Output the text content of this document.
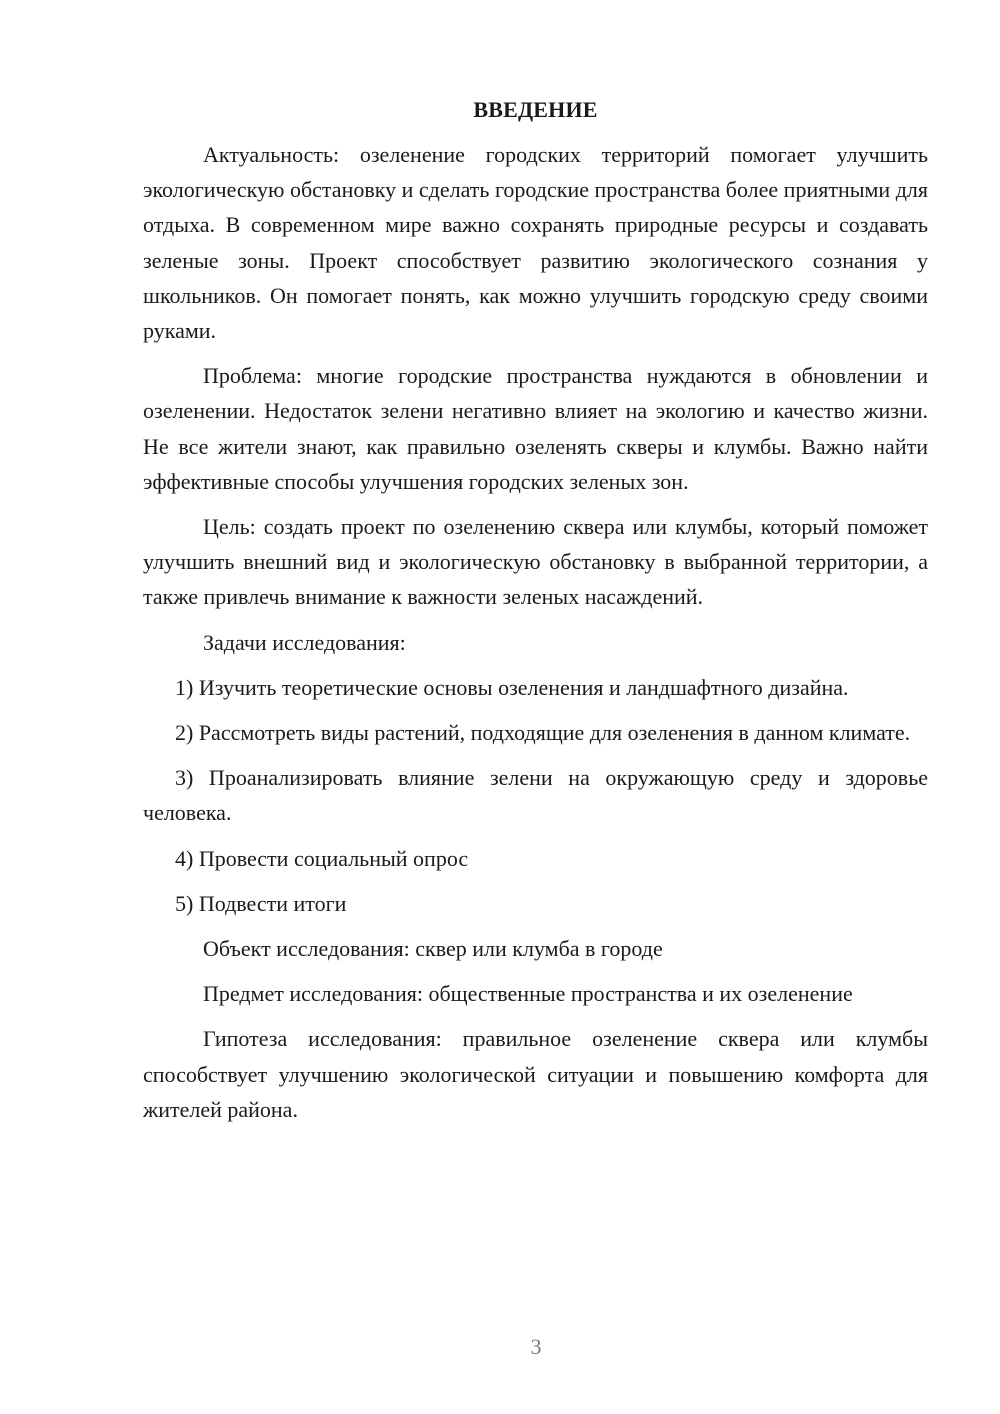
ВВЕДЕНИЕ

Актуальность: озеленение городских территорий помогает улучшить экологическую обстановку и сделать городские пространства более приятными для отдыха. В современном мире важно сохранять природные ресурсы и создавать зеленые зоны. Проект способствует развитию экологического сознания у школьников. Он помогает понять, как можно улучшить городскую среду своими руками.

Проблема: многие городские пространства нуждаются в обновлении и озеленении. Недостаток зелени негативно влияет на экологию и качество жизни. Не все жители знают, как правильно озеленять скверы и клумбы. Важно найти эффективные способы улучшения городских зеленых зон.

Цель: создать проект по озеленению сквера или клумбы, который поможет улучшить внешний вид и экологическую обстановку в выбранной территории, а также привлечь внимание к важности зеленых насаждений.

Задачи исследования:

1) Изучить теоретические основы озеленения и ландшафтного дизайна.

2) Рассмотреть виды растений, подходящие для озеленения в данном климате.

3) Проанализировать влияние зелени на окружающую среду и здоровье человека.

4) Провести социальный опрос

5) Подвести итоги

Объект исследования: сквер или клумба в городе

Предмет исследования: общественные пространства и их озеленение

Гипотеза исследования: правильное озеленение сквера или клумбы способствует улучшению экологической ситуации и повышению комфорта для жителей района.

3
